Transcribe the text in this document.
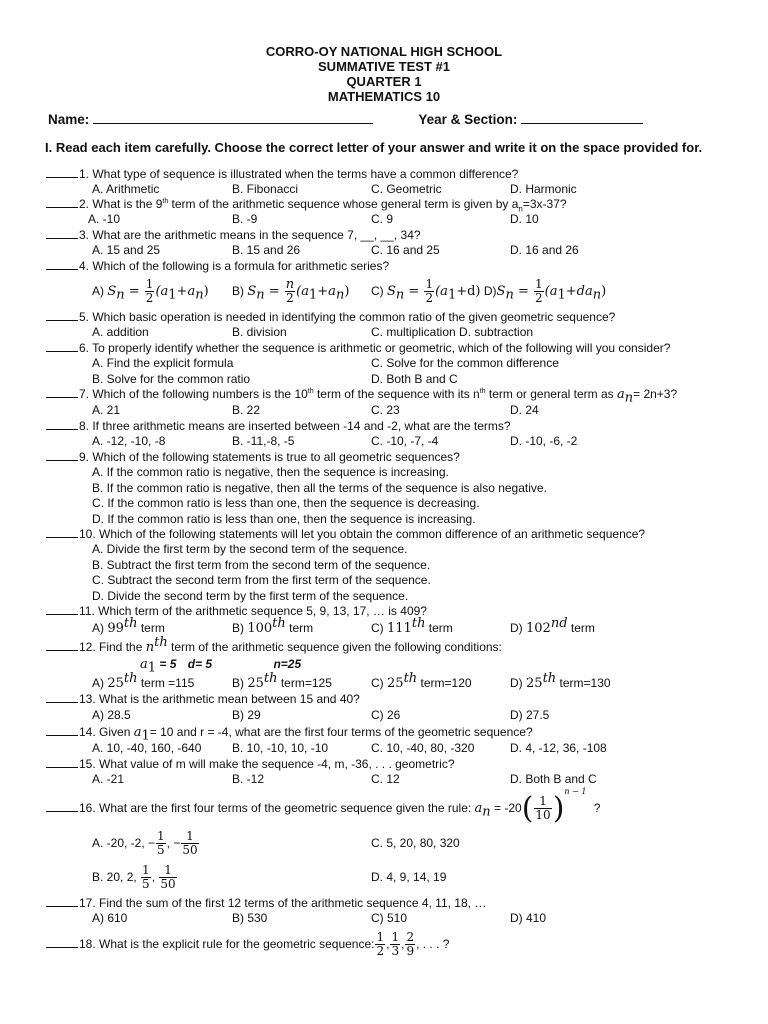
CORRO-OY NATIONAL HIGH SCHOOL
SUMMATIVE TEST #1
QUARTER 1
MATHEMATICS 10
Name:	Year & Section:
I. Read each item carefully. Choose the correct letter of your answer and write it on the space provided for.
1. What type of sequence is illustrated when the terms have a common difference?
A. Arithmetic	B. Fibonacci	C. Geometric	D. Harmonic
2. What is the 9th term of the arithmetic sequence whose general term is given by $a_n=3x-37$?
A. -10	B. -9	C. 9	D. 10
3. What are the arithmetic means in the sequence 7, __, __, 34?
A. 15 and 25	B. 15 and 26	C. 16 and 25	D. 16 and 26
4. Which of the following is a formula for arithmetic series?
A) $S_n = \frac{1}{2} (a_1+a_n)$ B) $S_n = \frac{n}{2} (a_1+a_n)$ C) $S_n = \frac{1}{2} (a_1+d) D)S_n = \frac{1}{2} (a_1+da_n)$
5. Which basic operation is needed in identifying the common ratio of the given geometric sequence?
A. addition	B. division	C. multiplication D. subtraction
6. To properly identify whether the sequence is arithmetic or geometric, which of the following will you consider?
A. Find the explicit formula	C. Solve for the common difference
B. Solve for the common ratio	D. Both B and C
7. Which of the following numbers is the 10th term of the sequence with its $n^{th}$ term or general term as $a_n= 2n+3$?
A. 21	B. 22	C. 23	D. 24
8. If three arithmetic means are inserted between -14 and -2, what are the terms?
A. -12, -10, -8	B. -11,-8, -5	C. -10, -7, -4	D. -10, -6, -2
9. Which of the following statements is true to all geometric sequences?
A. If the common ratio is negative, then the sequence is increasing.
B. If the common ratio is negative, then all the terms of the sequence is also negative.
C. If the common ratio is less than one, then the sequence is decreasing.
D. If the common ratio is less than one, then the sequence is increasing.
10. Which of the following statements will let you obtain the common difference of an arithmetic sequence?
A. Divide the first term by the second term of the sequence.
B. Subtract the first term from the second term of the sequence.
C. Subtract the second term from the first term of the sequence.
D. Divide the second term by the first term of the sequence.
11. Which term of the arithmetic sequence 5, 9, 13, 17, … is 409?
A) 99th term	B) 100th term	C) 111th term	D) 102nd term
12. Find the $n^{th}$ term of the arithmetic sequence given the following conditions:
$a_1 = 5$ d= 5	n=25
A) 25th term =115	B) 25th term=125	C) 25th term=120	D) 25th term=130
13. What is the arithmetic mean between 15 and 40?
A) 28.5	B) 29	C) 26	D) 27.5
14. Given $a_1= 10$ and r = -4, what are the first four terms of the geometric sequence?
A. 10, -40, 160, -640	B. 10, -10, 10, -10	C. 10, -40, 80, -320	D. 4, -12, 36, -108
15. What value of m will make the sequence -4, m, -36, . . . geometric?
A. -21	B. -12	C. 12	D. Both B and C
16. What are the first four terms of the geometric sequence given the rule: $a_n = -20( \frac{1}{10} )^{n - 1}$ ?
A. -20, -2, − $\frac{1}{5}$ , − $\frac{1}{50}$	C. 5, 20, 80, 320
B. 20, 2, $\frac{1}{5}$ , $\frac{1}{50}$	D. 4, 9, 14, 19
17. Find the sum of the first 12 terms of the arithmetic sequence 4, 11, 18, …
A) 610	B) 530	C) 510	D) 410
18. What is the explicit rule for the geometric sequence: $\frac{1}{2}$ , $\frac{1}{3}$ , $\frac{2}{9}$ , . . . ?
